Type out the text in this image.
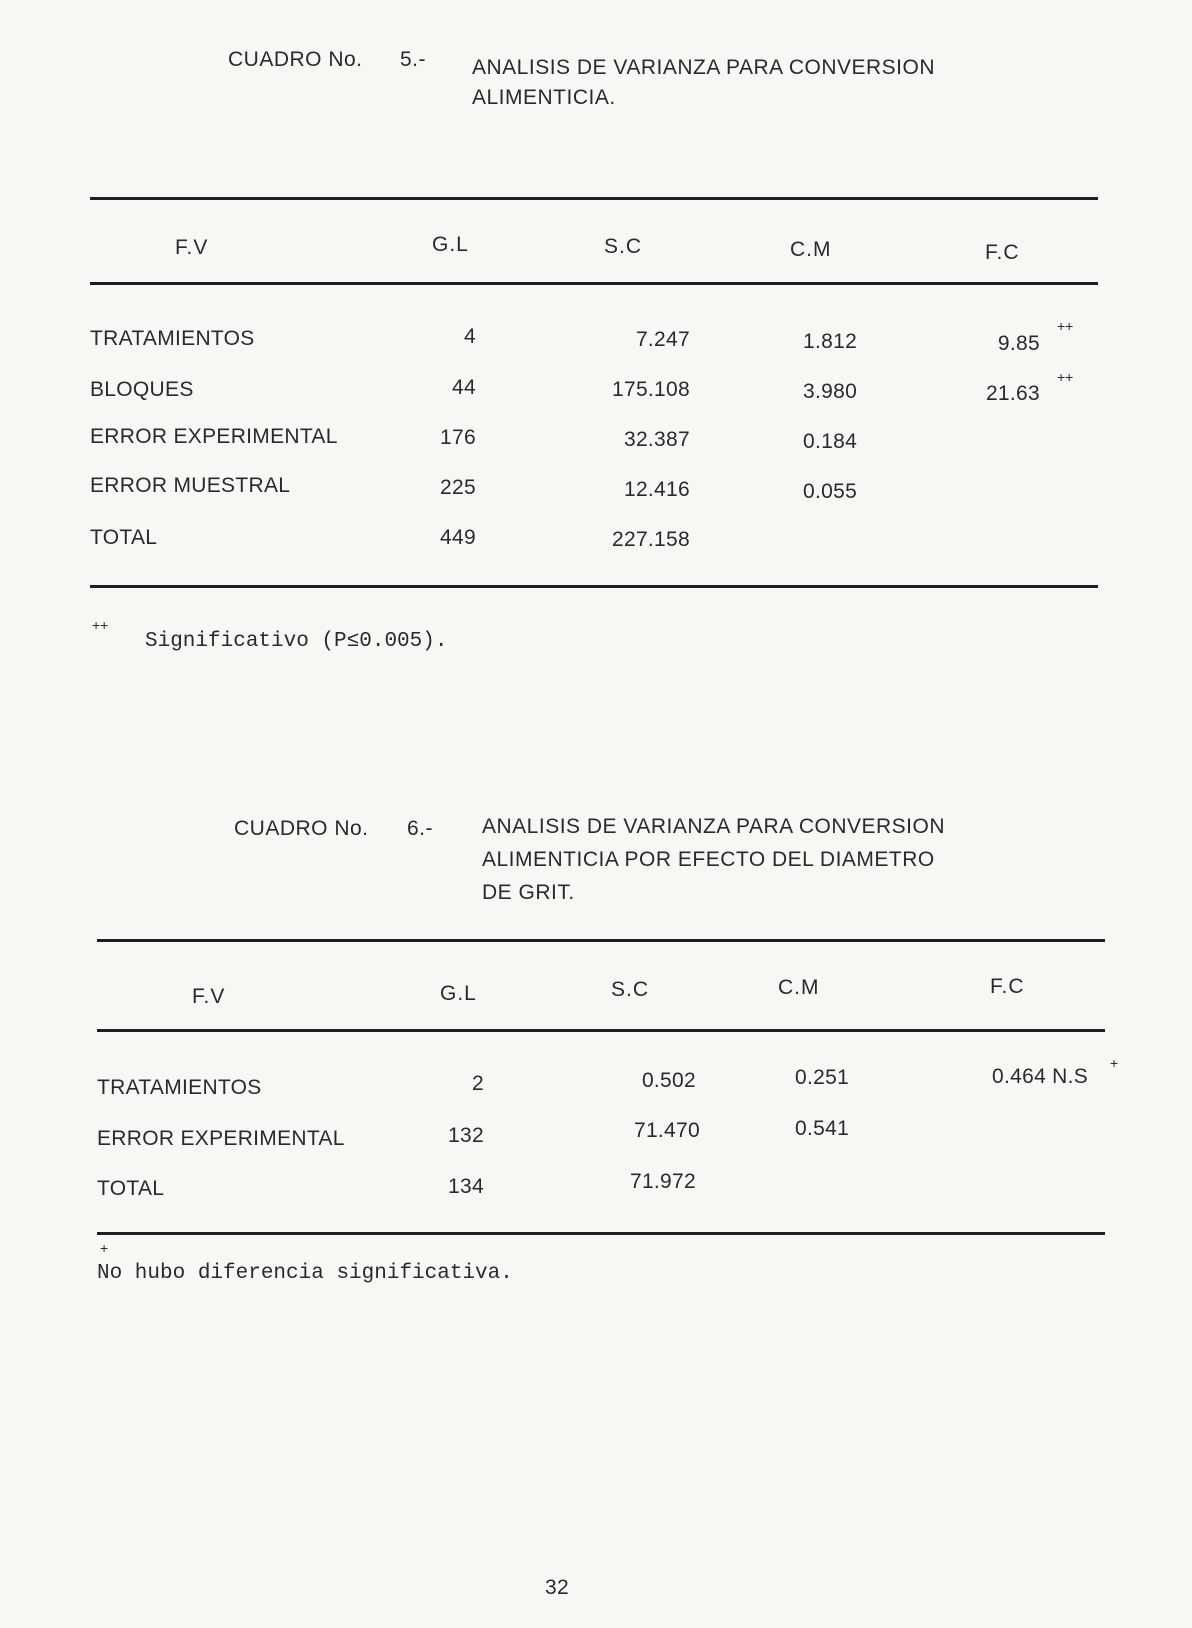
CUADRO No. 5.- ANALISIS DE VARIANZA PARA CONVERSION
ALIMENTICIA.
F.V	G.L	S.C	C.M	F.C
TRATAMIENTOS	4	7.247	1.812	9.85
++
BLOQUES	44	175.108	3.980	21.63
++
ERROR EXPERIMENTAL	176	32.387	0.184
ERROR MUESTRAL	225	12.416	0.055
TOTAL	449	227.158
++
Significativo (P≤0.005).
CUADRO No. 6.- ANALISIS DE VARIANZA PARA CONVERSION
ALIMENTICIA POR EFECTO DEL DIAMETRO
DE GRIT.
F.V	G.L	S.C	C.M	F.C
TRATAMIENTOS	2	0.502	0.251	0.464 N.S
+
ERROR EXPERIMENTAL	132	71.470	0.541
TOTAL	134	71.972
+
No hubo diferencia significativa.
32
